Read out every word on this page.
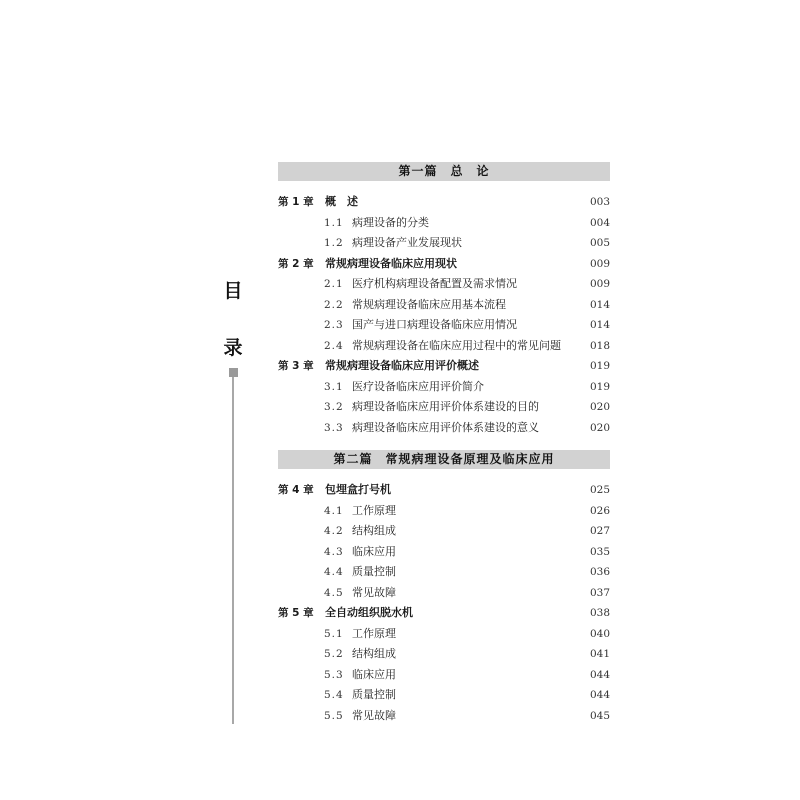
目
录
第一篇　总　论
第 1 章 概　述	003
1.1 病理设备的分类	004
1.2 病理设备产业发展现状	005
第 2 章 常规病理设备临床应用现状	009
2.1 医疗机构病理设备配置及需求情况	009
2.2 常规病理设备临床应用基本流程	014
2.3 国产与进口病理设备临床应用情况	014
2.4 常规病理设备在临床应用过程中的常见问题	018
第 3 章 常规病理设备临床应用评价概述	019
3.1 医疗设备临床应用评价简介	019
3.2 病理设备临床应用评价体系建设的目的	020
3.3 病理设备临床应用评价体系建设的意义	020
第二篇　常规病理设备原理及临床应用
第 4 章 包埋盒打号机	025
4.1 工作原理	026
4.2 结构组成	027
4.3 临床应用	035
4.4 质量控制	036
4.5 常见故障	037
第 5 章 全自动组织脱水机	038
5.1 工作原理	040
5.2 结构组成	041
5.3 临床应用	044
5.4 质量控制	044
5.5 常见故障	045
